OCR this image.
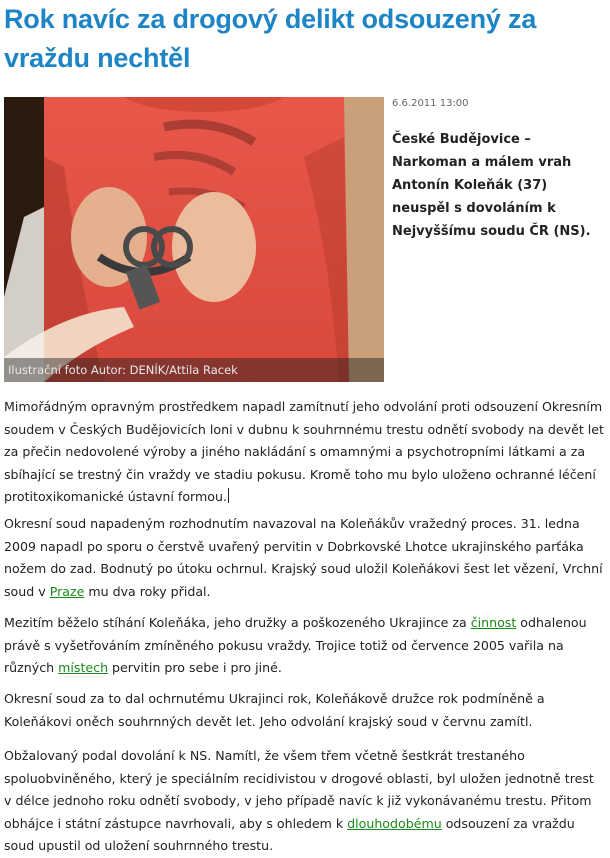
Rok navíc za drogový delikt odsouzený za vraždu nechtěl
Ilustrační foto Autor: DENÍK/Attila Racek
6.6.2011 13:00

České Budějovice – Narkoman a málem vrah Antonín Koleňák (37) neuspěl s dovoláním k Nejvyššímu soudu ČR (NS).

Mimořádným opravným prostředkem napadl zamítnutí jeho odvolání proti odsouzení Okresním soudem v Českých Budějovicích loni v dubnu k souhrnnému trestu odnětí svobody na devět let za přečin nedovolené výroby a jiného nakládání s omamnými a psychotropními látkami a za sbíhající se trestný čin vraždy ve stadiu pokusu. Kromě toho mu bylo uloženo ochranné léčení protitoxikomanické ústavní formou.

Okresní soud napadeným rozhodnutím navazoval na Koleňákův vražedný proces. 31. ledna 2009 napadl po sporu o čerstvě uvařený pervitin v Dobrkovské Lhotce ukrajinského parťáka nožem do zad. Bodnutý po útoku ochrnul. Krajský soud uložil Koleňákovi šest let vězení, Vrchní soud v Praze mu dva roky přidal.

Mezitím běželo stíhání Koleňáka, jeho družky a poškozeného Ukrajince za činnost odhalenou právě s vyšetřováním zmíněného pokusu vraždy. Trojice totiž od července 2005 vařila na různých místech pervitin pro sebe i pro jiné.

Okresní soud za to dal ochrnutému Ukrajinci rok, Koleňákově družce rok podmíněně a Koleňákovi oněch souhrnných devět let. Jeho odvolání krajský soud v červnu zamítl.

Obžalovaný podal dovolání k NS. Namítl, že všem třem včetně šestkrát trestaného spoluobviněného, který je speciálním recidivistou v drogové oblasti, byl uložen jednotně trest v délce jednoho roku odnětí svobody, v jeho případě navíc k již vykonávanému trestu. Přitom obhájce i státní zástupce navrhovali, aby s ohledem k dlouhodobému odsouzení za vraždu soud upustil od uložení souhrnného trestu.
